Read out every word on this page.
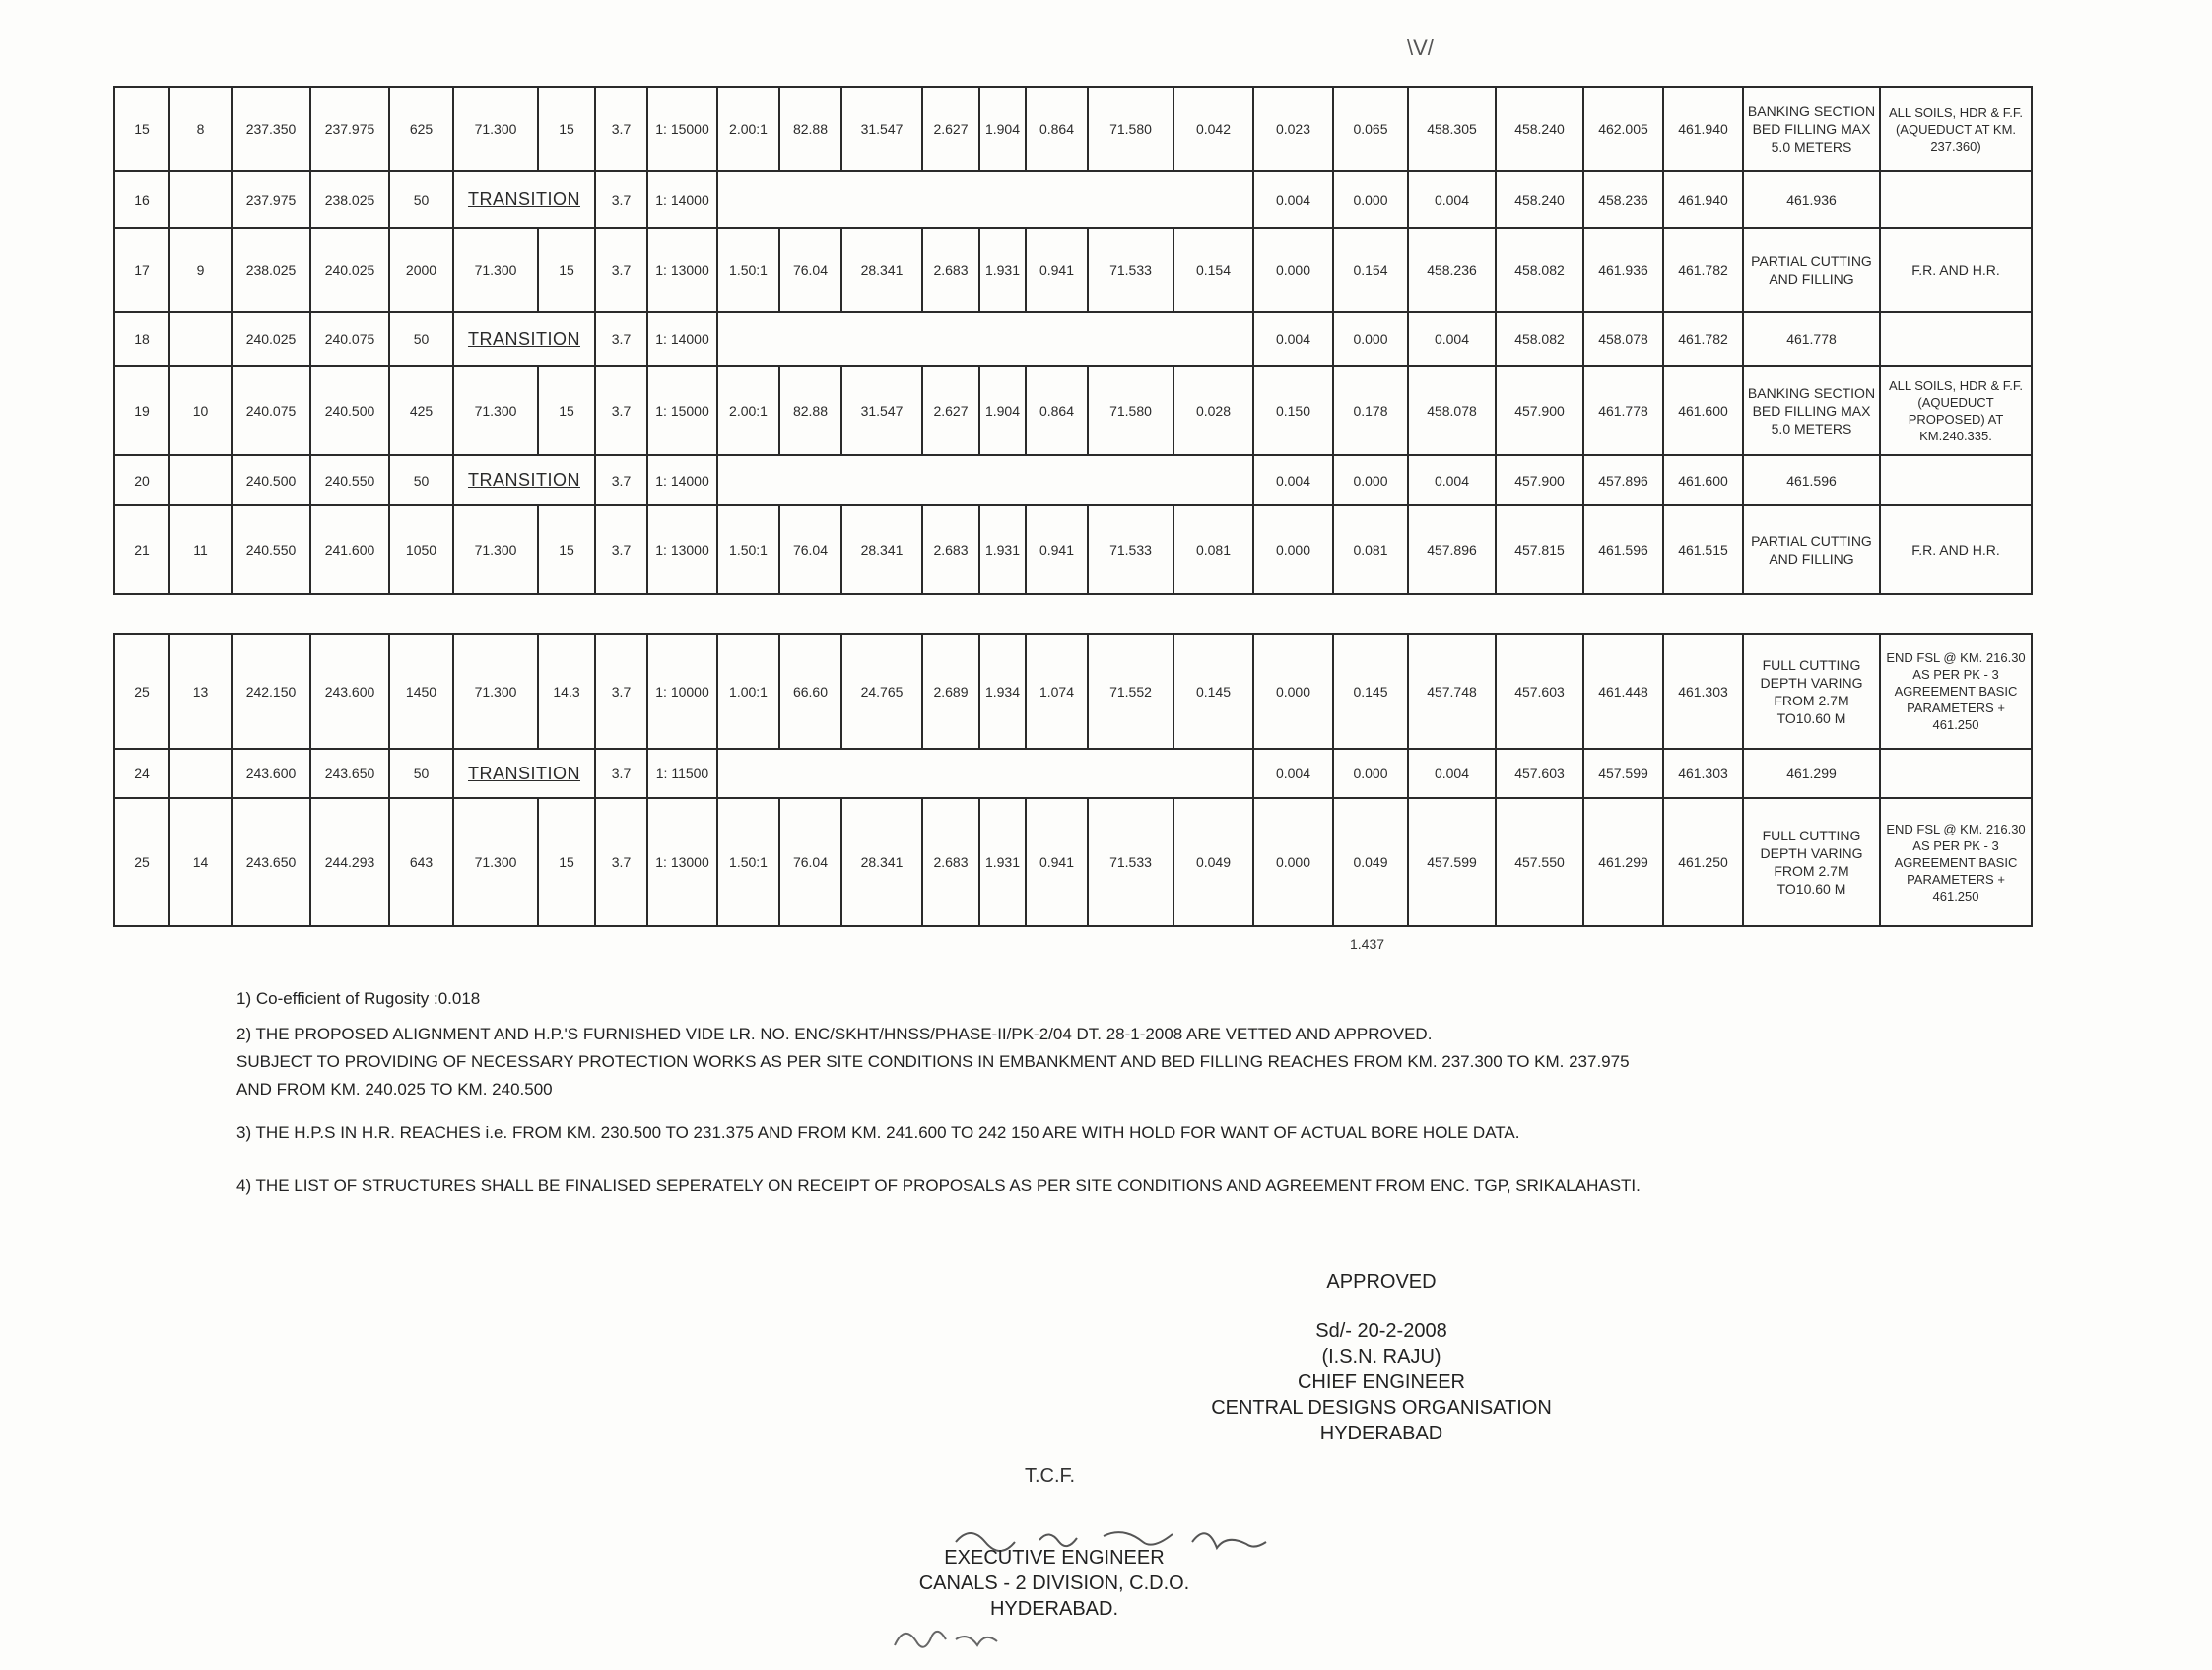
\V/
15	8	237.350	237.975	625	71.300	15	3.7	1: 15000	2.00:1	82.88	31.547	2.627	1.904	0.864	71.580	0.042	0.023	0.065	458.305	458.240	462.005	461.940	BANKING SECTION BED FILLING MAX 5.0 METERS	ALL SOILS, HDR & F.F. (AQUEDUCT AT KM. 237.360)	
16		237.975	238.025	50	TRANSITION		3.7	1: 14000									0.004	0.000	0.004	458.240	458.236	461.940	461.936		
17	9	238.025	240.025	2000	71.300	15	3.7	1: 13000	1.50:1	76.04	28.341	2.683	1.931	0.941	71.533	0.154	0.000	0.154	458.236	458.082	461.936	461.782	PARTIAL CUTTING AND FILLING	F.R. AND H.R.	
18		240.025	240.075	50	TRANSITION		3.7	1: 14000									0.004	0.000	0.004	458.082	458.078	461.782	461.778		
19	10	240.075	240.500	425	71.300	15	3.7	1: 15000	2.00:1	82.88	31.547	2.627	1.904	0.864	71.580	0.028	0.150	0.178	458.078	457.900	461.778	461.600	BANKING SECTION BED FILLING MAX 5.0 METERS	ALL SOILS, HDR & F.F. (AQUEDUCT PROPOSED) AT KM.240.335.	
20		240.500	240.550	50	TRANSITION		3.7	1: 14000									0.004	0.000	0.004	457.900	457.896	461.600	461.596		
21	11	240.550	241.600	1050	71.300	15	3.7	1: 13000	1.50:1	76.04	28.341	2.683	1.931	0.941	71.533	0.081	0.000	0.081	457.896	457.815	461.596	461.515	PARTIAL CUTTING AND FILLING	F.R. AND H.R.	

25	13	242.150	243.600	1450	71.300	14.3	3.7	1: 10000	1.00:1	66.60	24.765	2.689	1.934	1.074	71.552	0.145	0.000	0.145	457.748	457.603	461.448	461.303	FULL CUTTING DEPTH VARING FROM 2.7M TO10.60 M	END FSL @ KM. 216.30 AS PER PK - 3 AGREEMENT BASIC PARAMETERS + 461.250	
24		243.600	243.650	50	TRANSITION		3.7	1: 11500									0.004	0.000	0.004	457.603	457.599	461.303	461.299		
25	14	243.650	244.293	643	71.300	15	3.7	1: 13000	1.50:1	76.04	28.341	2.683	1.931	0.941	71.533	0.049	0.000	0.049	457.599	457.550	461.299	461.250	FULL CUTTING DEPTH VARING FROM 2.7M TO10.60 M	END FSL @ KM. 216.30 AS PER PK - 3 AGREEMENT BASIC PARAMETERS + 461.250	
1.437

1) Co-efficient of Rugosity :0.018

2) THE PROPOSED ALIGNMENT AND H.P.'S FURNISHED VIDE LR. NO. ENC/SKHT/HNSS/PHASE-II/PK-2/04 DT. 28-1-2008 ARE VETTED AND APPROVED.

SUBJECT TO PROVIDING OF NECESSARY PROTECTION WORKS AS PER SITE CONDITIONS IN EMBANKMENT AND BED FILLING REACHES FROM KM. 237.300 TO KM. 237.975

AND FROM KM. 240.025 TO KM. 240.500

3) THE H.P.S IN H.R. REACHES i.e. FROM KM. 230.500 TO 231.375 AND FROM KM. 241.600 TO 242 150 ARE WITH HOLD FOR WANT OF ACTUAL BORE HOLE DATA.

4) THE LIST OF STRUCTURES SHALL BE FINALISED SEPERATELY ON RECEIPT OF PROPOSALS AS PER SITE CONDITIONS AND AGREEMENT FROM ENC. TGP, SRIKALAHASTI.

APPROVED
Sd/- 20-2-2008
(I.S.N. RAJU)
CHIEF ENGINEER
CENTRAL DESIGNS ORGANISATION
HYDERABAD
T.C.F.
EXECUTIVE ENGINEER
CANALS - 2 DIVISION, C.D.O.
HYDERABAD.
